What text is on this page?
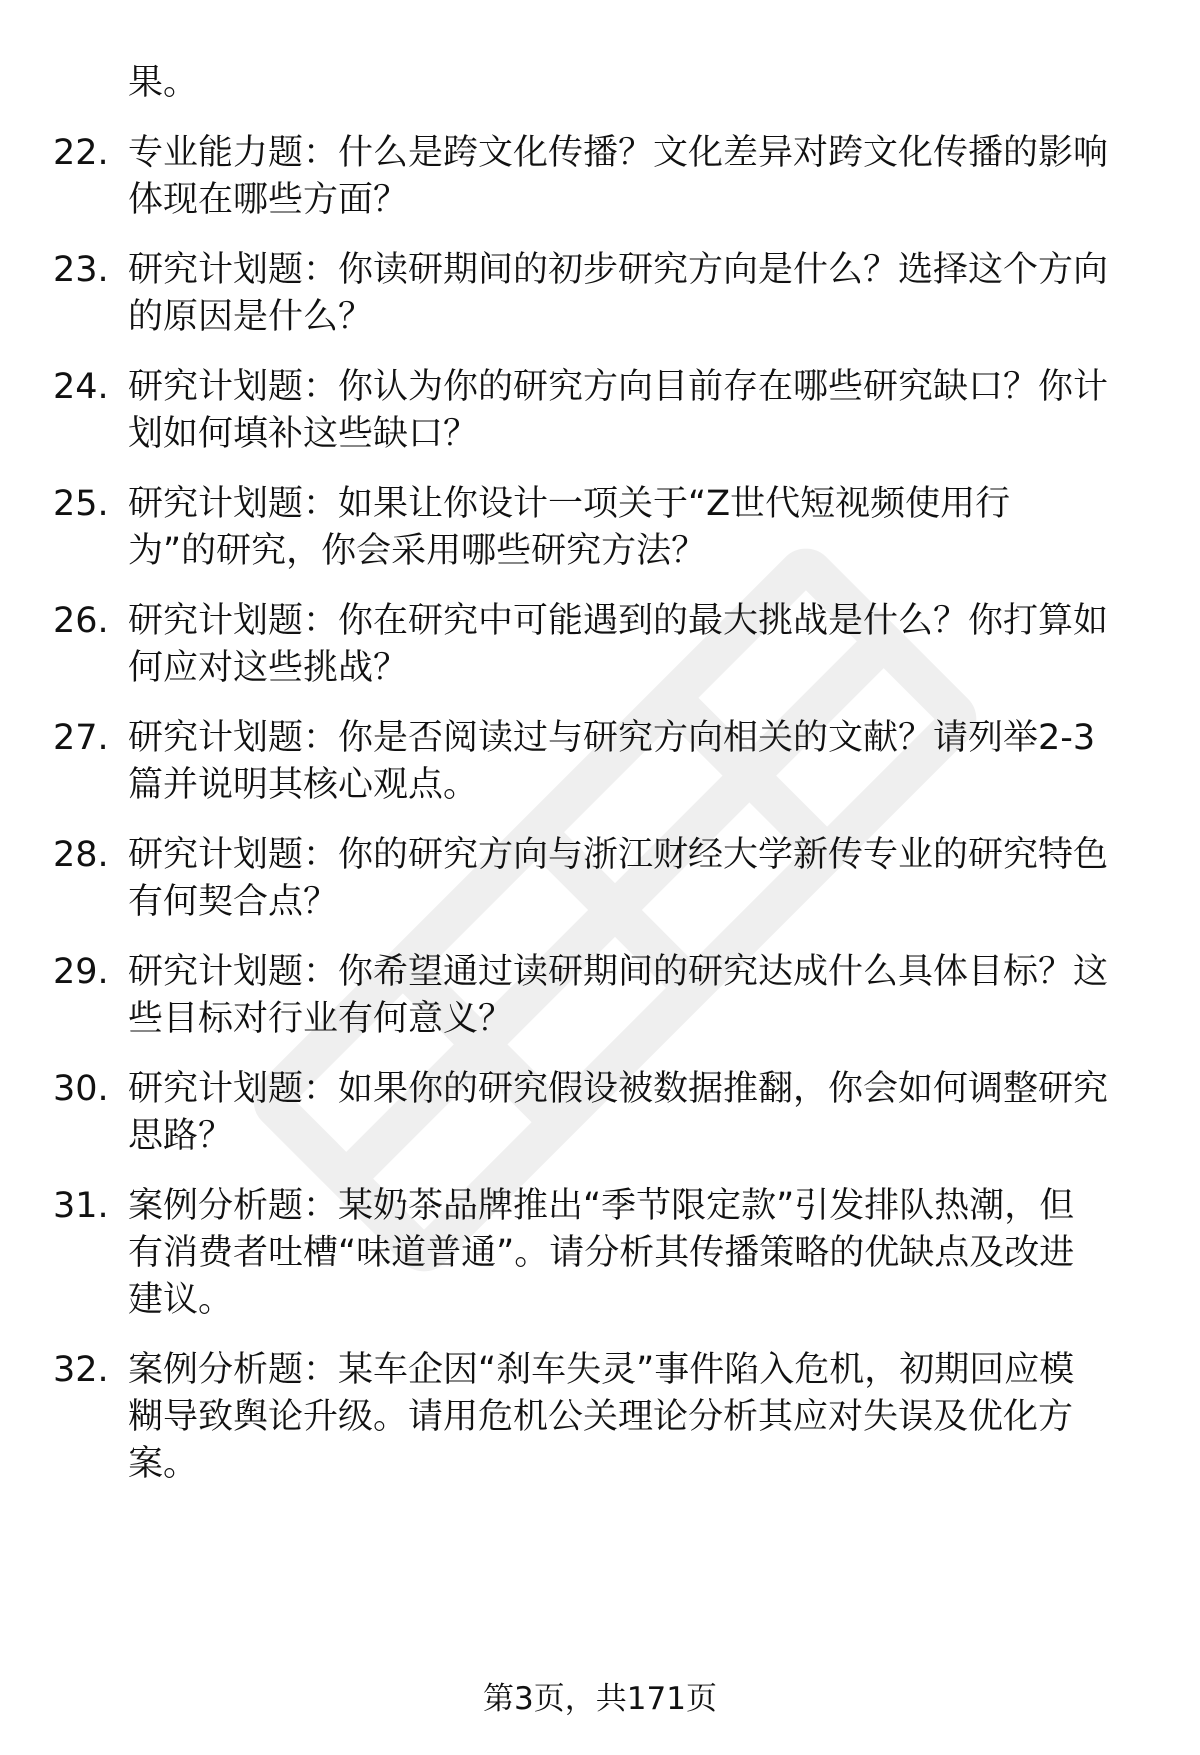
果。
22. 专业能力题：什么是跨文化传播？文化差异对跨文化传播的影响
体现在哪些方面？
23. 研究计划题：你读研期间的初步研究方向是什么？选择这个方向
的原因是什么？
24. 研究计划题：你认为你的研究方向目前存在哪些研究缺口？你计
划如何填补这些缺口？
25. 研究计划题：如果让你设计一项关于“Z世代短视频使用行
为”的研究，你会采用哪些研究方法？
26. 研究计划题：你在研究中可能遇到的最大挑战是什么？你打算如
何应对这些挑战？
27. 研究计划题：你是否阅读过与研究方向相关的文献？请列举2-3
篇并说明其核心观点。
28. 研究计划题：你的研究方向与浙江财经大学新传专业的研究特色
有何契合点？
29. 研究计划题：你希望通过读研期间的研究达成什么具体目标？这
些目标对行业有何意义？
30. 研究计划题：如果你的研究假设被数据推翻，你会如何调整研究
思路？
31. 案例分析题：某奶茶品牌推出“季节限定款”引发排队热潮，但
有消费者吐槽“味道普通”。请分析其传播策略的优缺点及改进
建议。
32. 案例分析题：某车企因“刹车失灵”事件陷入危机，初期回应模
糊导致舆论升级。请用危机公关理论分析其应对失误及优化方
案。
第3页，共171页
